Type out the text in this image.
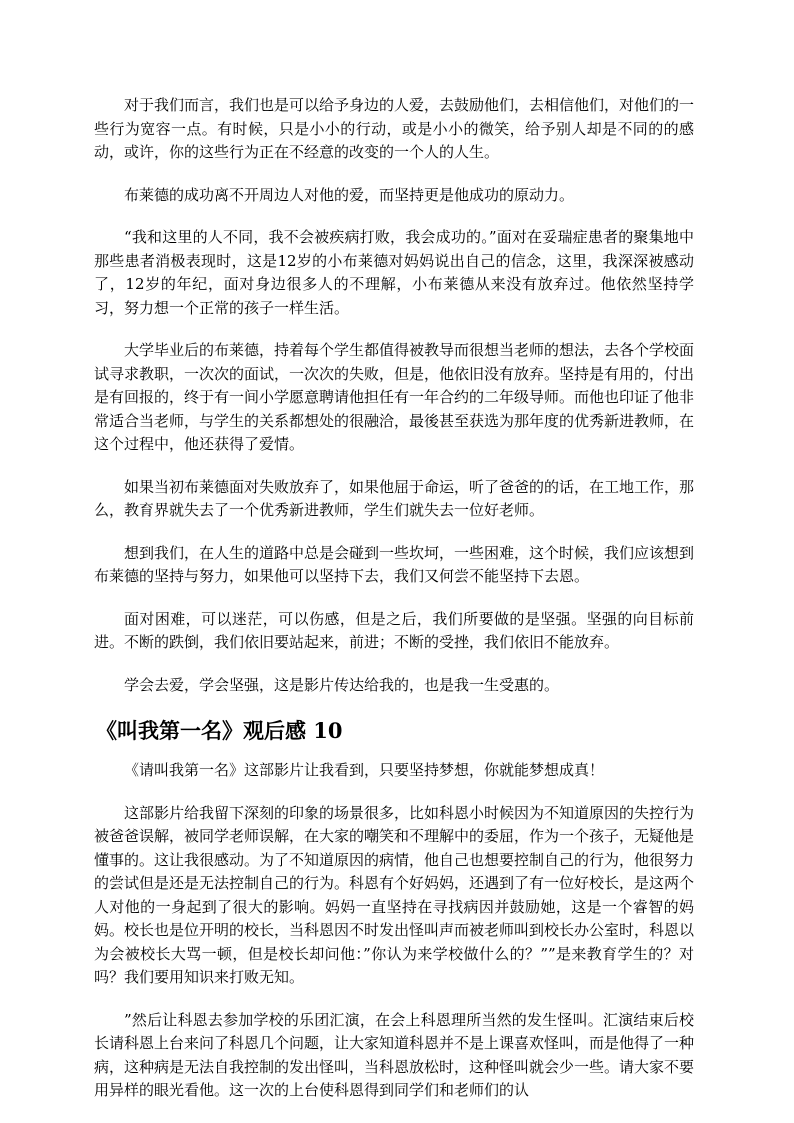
对于我们而言，我们也是可以给予身边的人爱，去鼓励他们，去相信他们，对他们的一些行为宽容一点。有时候，只是小小的行动，或是小小的微笑，给予别人却是不同的的感动，或许，你的这些行为正在不经意的改变的一个人的人生。

布莱德的成功离不开周边人对他的爱，而坚持更是他成功的原动力。

“我和这里的人不同，我不会被疾病打败，我会成功的。”面对在妥瑞症患者的聚集地中那些患者消极表现时，这是12岁的小布莱德对妈妈说出自己的信念，这里，我深深被感动了，12岁的年纪，面对身边很多人的不理解，小布莱德从来没有放弃过。他依然坚持学习，努力想一个正常的孩子一样生活。

大学毕业后的布莱德，持着每个学生都值得被教导而很想当老师的想法，去各个学校面试寻求教职，一次次的面试，一次次的失败，但是，他依旧没有放弃。坚持是有用的，付出是有回报的，终于有一间小学愿意聘请他担任有一年合约的二年级导师。而他也印证了他非常适合当老师，与学生的关系都想处的很融洽，最後甚至获选为那年度的优秀新进教师，在这个过程中，他还获得了爱情。

如果当初布莱德面对失败放弃了，如果他屈于命运，听了爸爸的的话，在工地工作，那么，教育界就失去了一个优秀新进教师，学生们就失去一位好老师。

想到我们，在人生的道路中总是会碰到一些坎坷，一些困难，这个时候，我们应该想到布莱德的坚持与努力，如果他可以坚持下去，我们又何尝不能坚持下去恩。

面对困难，可以迷茫，可以伤感，但是之后，我们所要做的是坚强。坚强的向目标前进。不断的跌倒，我们依旧要站起来，前进；不断的受挫，我们依旧不能放弃。

学会去爱，学会坚强，这是影片传达给我的，也是我一生受惠的。

《叫我第一名》观后感 10

《请叫我第一名》这部影片让我看到，只要坚持梦想，你就能梦想成真！

这部影片给我留下深刻的印象的场景很多，比如科恩小时候因为不知道原因的失控行为被爸爸误解，被同学老师误解，在大家的嘲笑和不理解中的委屈，作为一个孩子，无疑他是懂事的。这让我很感动。为了不知道原因的病情，他自己也想要控制自己的行为，他很努力的尝试但是还是无法控制自己的行为。科恩有个好妈妈，还遇到了有一位好校长，是这两个人对他的一身起到了很大的影响。妈妈一直坚持在寻找病因并鼓励她，这是一个睿智的妈妈。校长也是位开明的校长，当科恩因不时发出怪叫声而被老师叫到校长办公室时，科恩以为会被校长大骂一顿，但是校长却问他：”你认为来学校做什么的？””是来教育学生的？对吗？我们要用知识来打败无知。

”然后让科恩去参加学校的乐团汇演，在会上科恩理所当然的发生怪叫。汇演结束后校长请科恩上台来问了科恩几个问题，让大家知道科恩并不是上课喜欢怪叫，而是他得了一种病，这种病是无法自我控制的发出怪叫，当科恩放松时，这种怪叫就会少一些。请大家不要用异样的眼光看他。这一次的上台使科恩得到同学们和老师们的认
